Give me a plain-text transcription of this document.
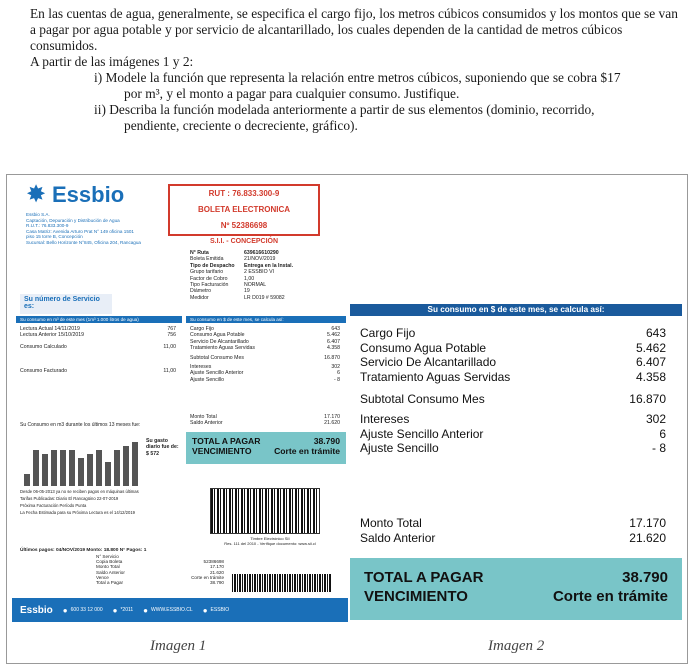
En las cuentas de agua, generalmente, se especifica el cargo fijo, los metros cúbicos consumidos y los montos que se van a pagar por agua potable y por servicio de alcantarillado, los cuales dependen de la cantidad de metros cúbicos consumidos.

A partir de las imágenes 1 y 2:

i) Modele la función que representa la relación entre metros cúbicos, suponiendo que se cobra $17
por m³, y el monto a pagar para cualquier consumo. Justifique.

ii) Describa la función modelada anteriormente a partir de sus elementos (dominio, recorrido,
pendiente, creciente o decreciente, gráfico).

✸ Essbio
Essbio S.A.
Captación, Depuración y Distribución de Agua
R.U.T.: 76.833.300-9
Casa Matriz: Avenida Arturo Prat N° 149 oficina 1501
piso 15 torre B, Concepción
Sucursal: Bello Horizonte N°845, Oficina 204, Rancagua
RUT : 76.833.300-9
BOLETA ELECTRONICA
Nº 52386698
S.I.I. - CONCEPCIÓN
N° Ruta	639616610290
Boleta Emitida	21/NOV/2019
Tipo de Despacho	Entrega en la Instal.
Grupo tarifario	2 ESSBIO VI
Factor de Cobro	1,00
Tipo Facturación	NORMAL
Diámetro	19
Medidor	LR D019 # 59082
Su número de Servicio es:
Su consumo en m³ de este mes (1m³ 1.000 litros de agua)	Su consumo en $ de este mes, se calcula así:
Lectura Actual 14/11/2019	767
Lectura Anterior 15/10/2019	756
Consumo Calculado	11,00
Consumo Facturado	11,00
Cargo Fijo	643
Consumo Agua Potable	5.462
Servicio De Alcantarillado	6.407
Tratamiento Aguas Servidas	4.358
Subtotal Consumo Mes	16.870
Intereses	302
Ajuste Sencillo Anterior	6
Ajuste Sencillo	- 8
Su Consumo en m3 durante los últimos 13 meses fue:
Su gasto diario fue de: $ 572
Monto Total	17.170
Saldo Anterior	21.620
TOTAL A PAGAR	38.790
VENCIMIENTO	Corte en trámite
Desde 06-05-2013 ya no se reciben pagos en máquinas últimas
Tarifas Publicadas: Diario El Rancagüino 22-07-2019
Próxima Facturación Período Punta
La Fecha Estimada para su Próxima Lectura es el 14/12/2019
Timbre Electrónico SII
Res. 111 del 2010 - Verifique documento: www.sii.cl
Últimos pagos: 04/NOV/2019 Monto: 18.800 N° Pagos: 1
N° Servicio
Copia Boleta	52386698
Monto Total	17.170
Saldo Anterior	21.620
Vence	Corte en trámite
Total a Pagar	38.790
Essbio ● 600 33 12 000 ● *2011 ● WWW.ESSBIO.CL ● ESSBIO
Su consumo en $ de este mes, se calcula así:
Cargo Fijo	643
Consumo Agua Potable	5.462
Servicio De Alcantarillado	6.407
Tratamiento Aguas Servidas	4.358
Subtotal Consumo Mes	16.870
Intereses	302
Ajuste Sencillo Anterior	6
Ajuste Sencillo	- 8
Monto Total	17.170
Saldo Anterior	21.620
TOTAL A PAGAR	38.790
VENCIMIENTO	Corte en trámite
Imagen 1	Imagen 2
